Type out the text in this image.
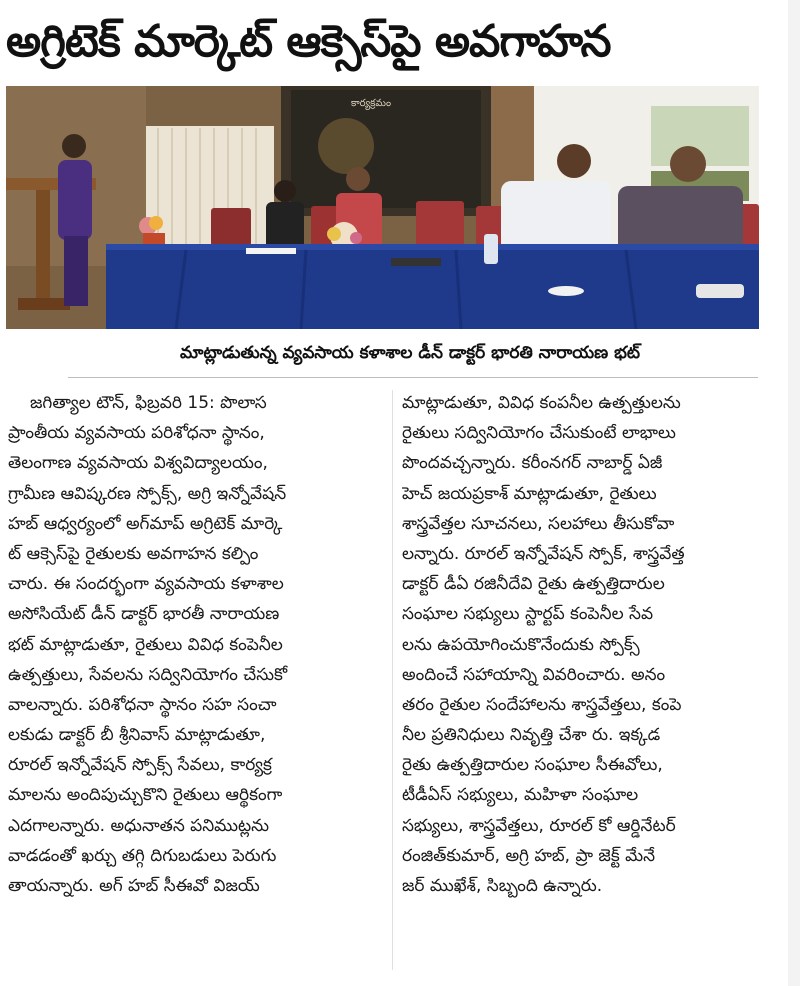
అగ్రిటెక్ మార్కెట్ ఆక్సెస్‌పై అవగాహన
కార్యక్రమం
మాట్లాడుతున్న వ్యవసాయ కళాశాల డీన్ డాక్టర్ భారతి నారాయణ భట్
జగిత్యాల టౌన్, ఫిబ్రవరి 15: పొలాస
ప్రాంతీయ వ్యవసాయ పరిశోధనా స్థానం,
తెలంగాణ వ్యవసాయ విశ్వవిద్యాలయం,
గ్రామీణ ఆవిష్కరణ స్పోక్స్, అగ్రి ఇన్నోవేషన్
హబ్ ఆధ్వర్యంలో అగ్‌మాప్ అగ్రిటెక్ మార్కె
ట్ ఆక్సెస్‌పై రైతులకు అవగాహన కల్పిం
చారు. ఈ సందర్భంగా వ్యవసాయ కళాశాల
అసోసియేట్ డీన్ డాక్టర్ భారతీ నారాయణ
భట్ మాట్లాడుతూ, రైతులు వివిధ కంపెనీల
ఉత్పత్తులు, సేవలను సద్వినియోగం చేసుకో
వాలన్నారు. పరిశోధనా స్థానం సహ సంచా
లకుడు డాక్టర్ బీ శ్రీనివాస్ మాట్లాడుతూ,
రూరల్ ఇన్నోవేషన్ స్పోక్స్ సేవలు, కార్యక్ర
మాలను అందిపుచ్చుకొని రైతులు ఆర్థికంగా
ఎదగాలన్నారు. అధునాతన పనిముట్లను
వాడడంతో ఖర్చు తగ్గి దిగుబడులు పెరుగు
తాయన్నారు. అగ్ హబ్ సీఈవో విజయ్
మాట్లాడుతూ, వివిధ కంపనీల ఉత్పత్తులను
రైతులు సద్వినియోగం చేసుకుంటే లాభాలు
పొందవచ్చన్నారు. కరీంనగర్ నాబార్డ్ ఏజీ
హెచ్ జయప్రకాశ్ మాట్లాడుతూ, రైతులు
శాస్త్రవేత్తల సూచనలు, సలహాలు తీసుకోవా
లన్నారు. రూరల్ ఇన్నోవేషన్ స్పోక్, శాస్త్రవేత్త
డాక్టర్ డీఏ రజినీదేవి రైతు ఉత్పత్తిదారుల
సంఘాల సభ్యులు స్టార్టప్ కంపెనీల సేవ
లను ఉపయోగించుకొనేందుకు స్పోక్స్
అందించే సహాయాన్ని వివరించారు. అనం
తరం రైతుల సందేహాలను శాస్త్రవేత్తలు, కంపె
నీల ప్రతినిధులు నివృత్తి చేశా రు. ఇక్కడ
రైతు ఉత్పత్తిదారుల సంఘాల సీఈవోలు,
టీడీఏస్ సభ్యులు, మహిళా సంఘాల
సభ్యులు, శాస్త్రవేత్తలు, రూరల్ కో ఆర్డినేటర్
రంజిత్‌కుమార్, అగ్రి హబ్, ప్రా జెక్ట్ మేనే
జర్ ముఖేశ్, సిబ్బంది ఉన్నారు.
